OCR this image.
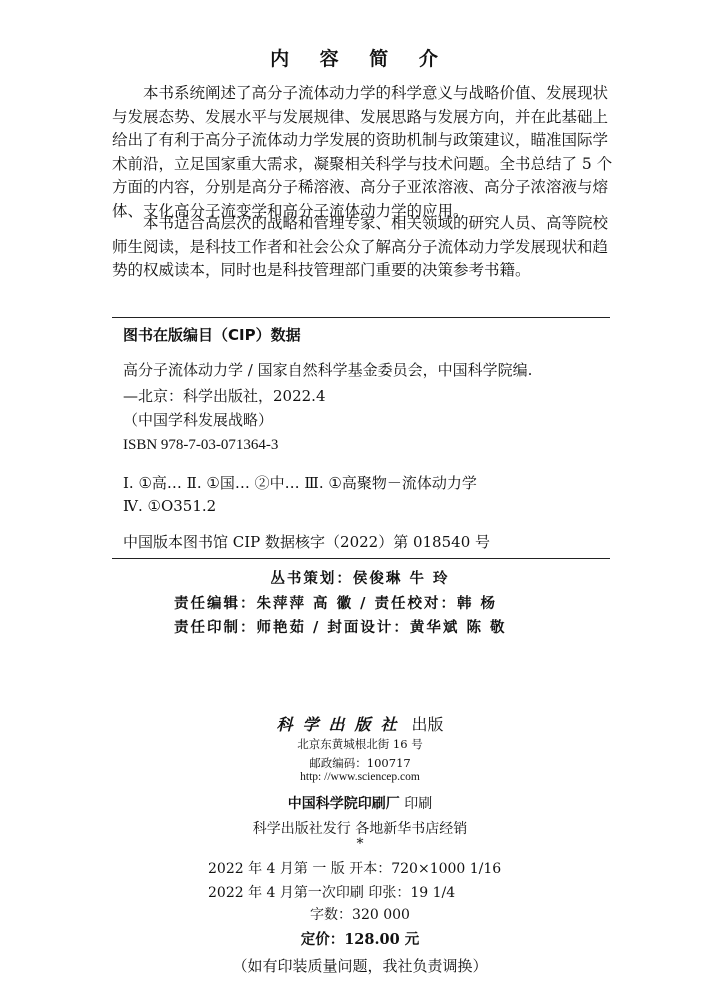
内 容 简 介
本书系统阐述了高分子流体动力学的科学意义与战略价值、发展现状
与发展态势、发展水平与发展规律、发展思路与发展方向，并在此基础上
给出了有利于高分子流体动力学发展的资助机制与政策建议，瞄准国际学
术前沿，立足国家重大需求，凝聚相关科学与技术问题。全书总结了 5 个
方面的内容，分别是高分子稀溶液、高分子亚浓溶液、高分子浓溶液与熔
体、支化高分子流变学和高分子流体动力学的应用。
本书适合高层次的战略和管理专家、相关领域的研究人员、高等院校
师生阅读，是科技工作者和社会公众了解高分子流体动力学发展现状和趋
势的权威读本，同时也是科技管理部门重要的决策参考书籍。
图书在版编目（CIP）数据
高分子流体动力学 / 国家自然科学基金委员会，中国科学院编.
—北京：科学出版社，2022.4
（中国学科发展战略）
ISBN 978-7-03-071364-3
Ⅰ. ①高… Ⅱ. ①国… ②中… Ⅲ. ①高聚物－流体动力学
Ⅳ. ①O351.2
中国版本图书馆 CIP 数据核字（2022）第 018540 号
丛书策划：侯俊琳 牛 玲
责任编辑：朱萍萍 高 徽 / 责任校对：韩 杨
责任印制：师艳茹 / 封面设计：黄华斌 陈 敬
科学出版社 出版
北京东黄城根北街 16 号
邮政编码：100717
http: //www.sciencep.com
中国科学院印刷厂 印刷
科学出版社发行 各地新华书店经销
*
2022 年 4 月第 一 版 开本：720×1000 1/16
2022 年 4 月第一次印刷 印张：19 1/4
字数：320 000
定价：128.00 元
（如有印装质量问题，我社负责调换）
